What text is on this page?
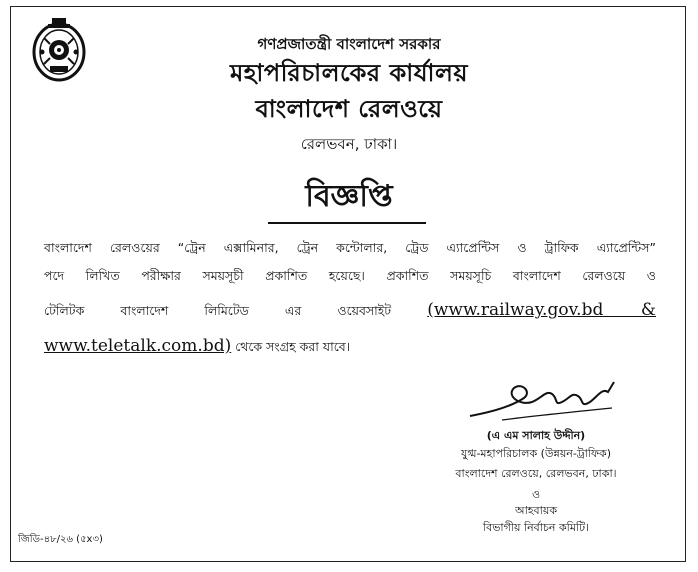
গণপ্রজাতন্ত্রী বাংলাদেশ সরকার
মহাপরিচালকের কার্যালয়
বাংলাদেশ রেলওয়ে
রেলভবন, ঢাকা।
বিজ্ঞপ্তি
বাংলাদেশ রেলওয়ের “ট্রেন এক্সামিনার, ট্রেন কন্টোলার, ট্রেড এ্যাপ্রেন্টিস ও ট্রাফিক এ্যাপ্রেন্টিস”
পদে লিখিত পরীক্ষার সময়সূচী প্রকাশিত হয়েছে। প্রকাশিত সময়সূচি বাংলাদেশ রেলওয়ে ও
টেলিটক বাংলাদেশ লিমিটেড এর ওয়েবসাইট (www.railway.gov.bd &
www.teletalk.com.bd) থেকে সংগ্রহ করা যাবে।
(এ এম সালাহ উদ্দীন)
যুগ্ম-মহাপরিচালক (উন্নয়ন-ট্রাফিক)
বাংলাদেশ রেলওয়ে, রেলভবন, ঢাকা।
ও
আহবায়ক
বিভাগীয় নির্বাচন কমিটি।
জিডি-৪৮/২৬ (৫x৩)
